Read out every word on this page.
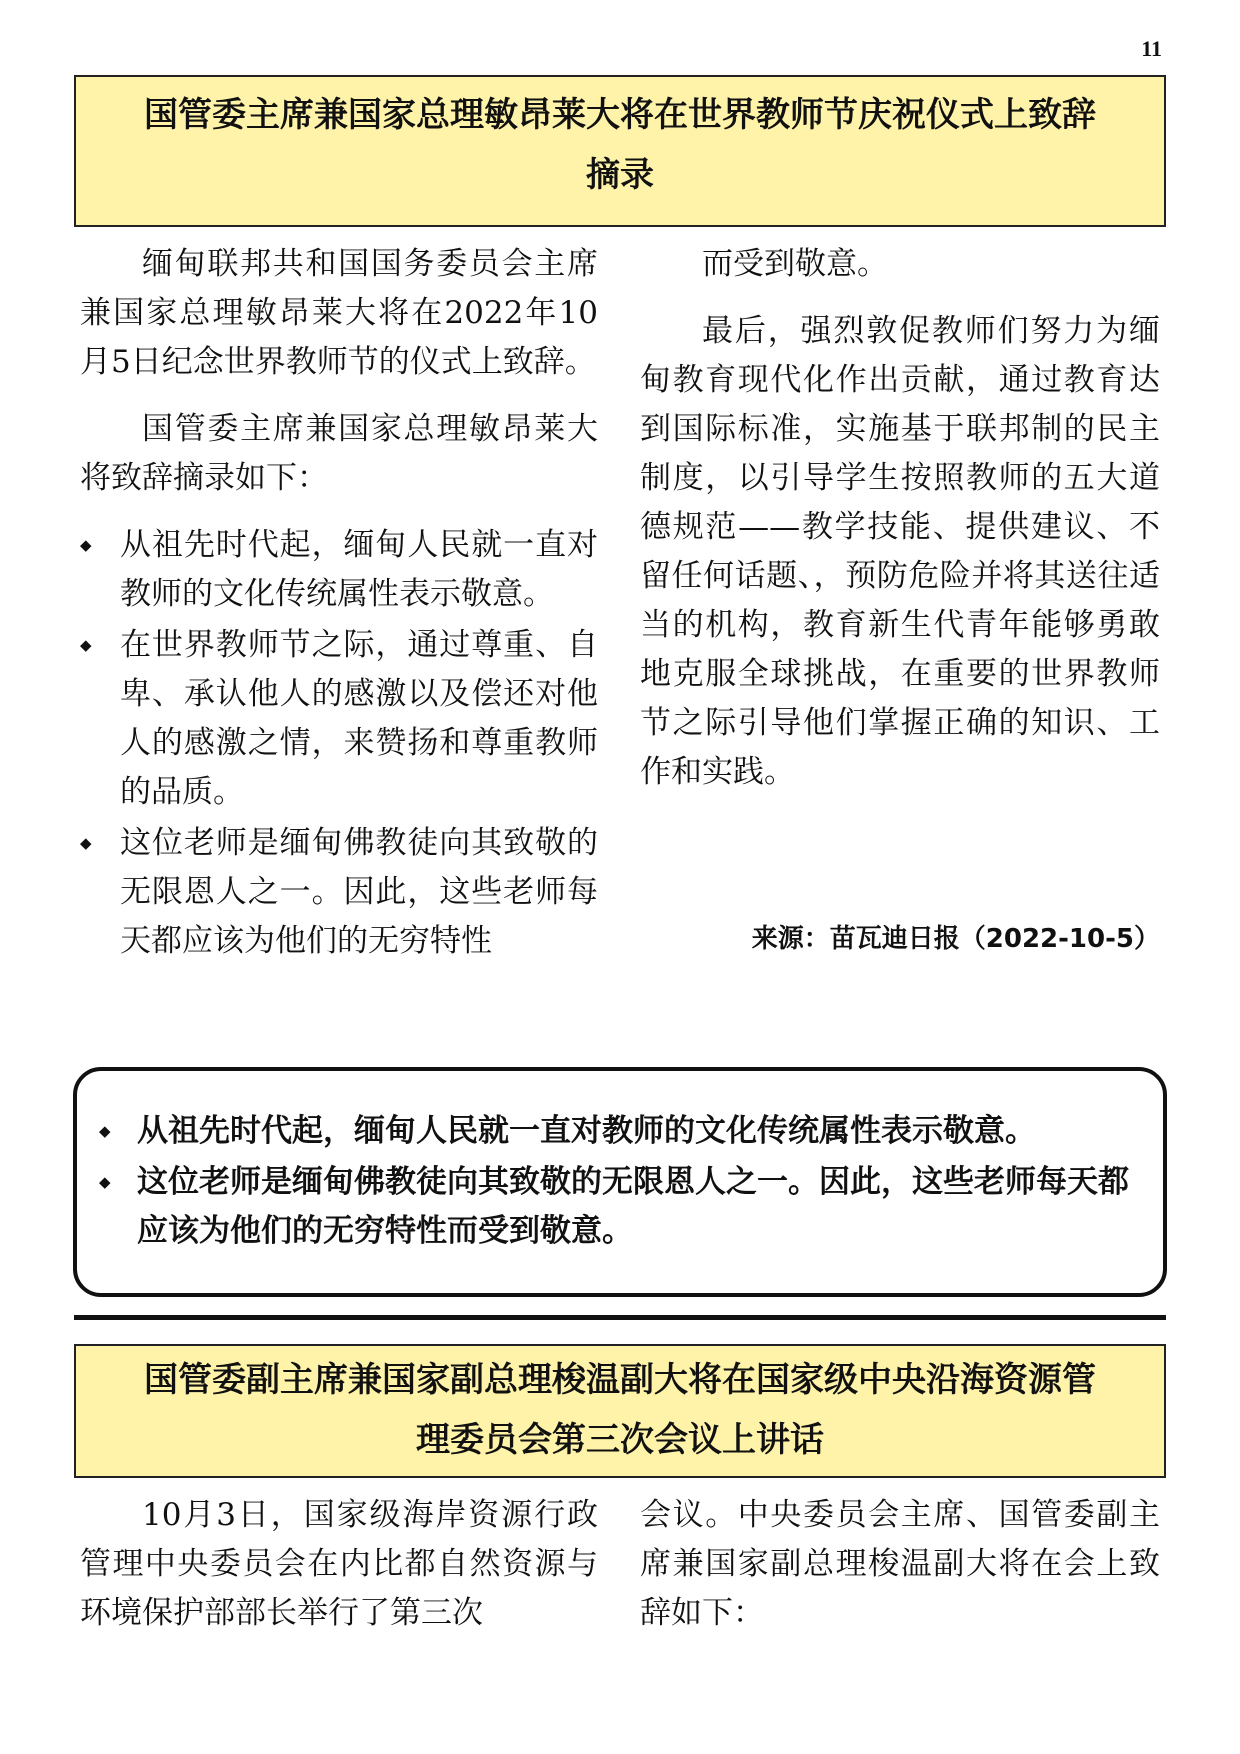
11
国管委主席兼国家总理敏昂莱大将在世界教师节庆祝仪式上致辞
摘录

缅甸联邦共和国国务委员会主席兼国家总理敏昂莱大将在2022年10月5日纪念世界教师节的仪式上致辞。

国管委主席兼国家总理敏昂莱大将致辞摘录如下：

◆ 从祖先时代起，缅甸人民就一直对教师的文化传统属性表示敬意。
◆ 在世界教师节之际，通过尊重、自卑、承认他人的感激以及偿还对他人的感激之情，来赞扬和尊重教师的品质。
◆ 这位老师是缅甸佛教徒向其致敬的无限恩人之一。因此，这些老师每天都应该为他们的无穷特性

而受到敬意。

最后，强烈敦促教师们努力为缅甸教育现代化作出贡献，通过教育达到国际标准，实施基于联邦制的民主制度，以引导学生按照教师的五大道德规范——教学技能、提供建议、不留任何话题、，预防危险并将其送往适当的机构，教育新生代青年能够勇敢地克服全球挑战，在重要的世界教师节之际引导他们掌握正确的知识、工作和实践。

来源：苗瓦迪日报（2022-10-5）
◆ 从祖先时代起，缅甸人民就一直对教师的文化传统属性表示敬意。
◆ 这位老师是缅甸佛教徒向其致敬的无限恩人之一。因此，这些老师每天都应该为他们的无穷特性而受到敬意。
国管委副主席兼国家副总理梭温副大将在国家级中央沿海资源管
理委员会第三次会议上讲话

10月3日，国家级海岸资源行政管理中央委员会在内比都自然资源与环境保护部部长举行了第三次

会议。中央委员会主席、国管委副主席兼国家副总理梭温副大将在会上致辞如下：
